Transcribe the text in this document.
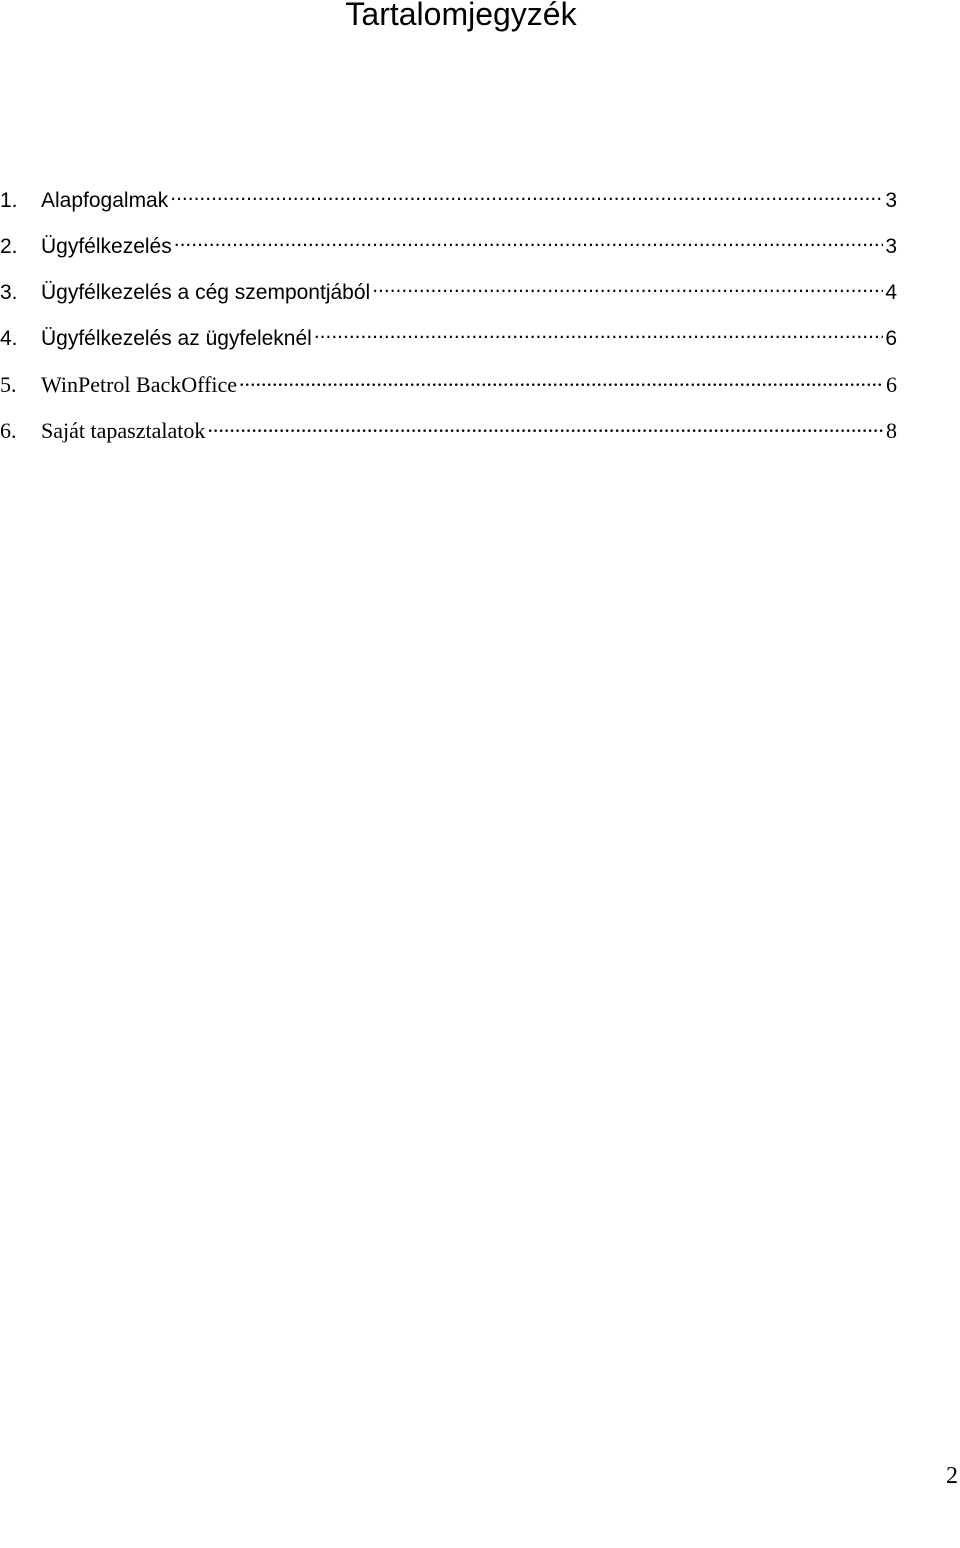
Tartalomjegyzék
1.	Alapfogalmak .....	3
2.	Ügyfélkezelés .....	3
3.	Ügyfélkezelés a cég szempontjából .....	4
4.	Ügyfélkezelés az ügyfeleknél .....	6
5.	WinPetrol BackOffice .....	6
6.	Saját tapasztalatok .....	8
2
